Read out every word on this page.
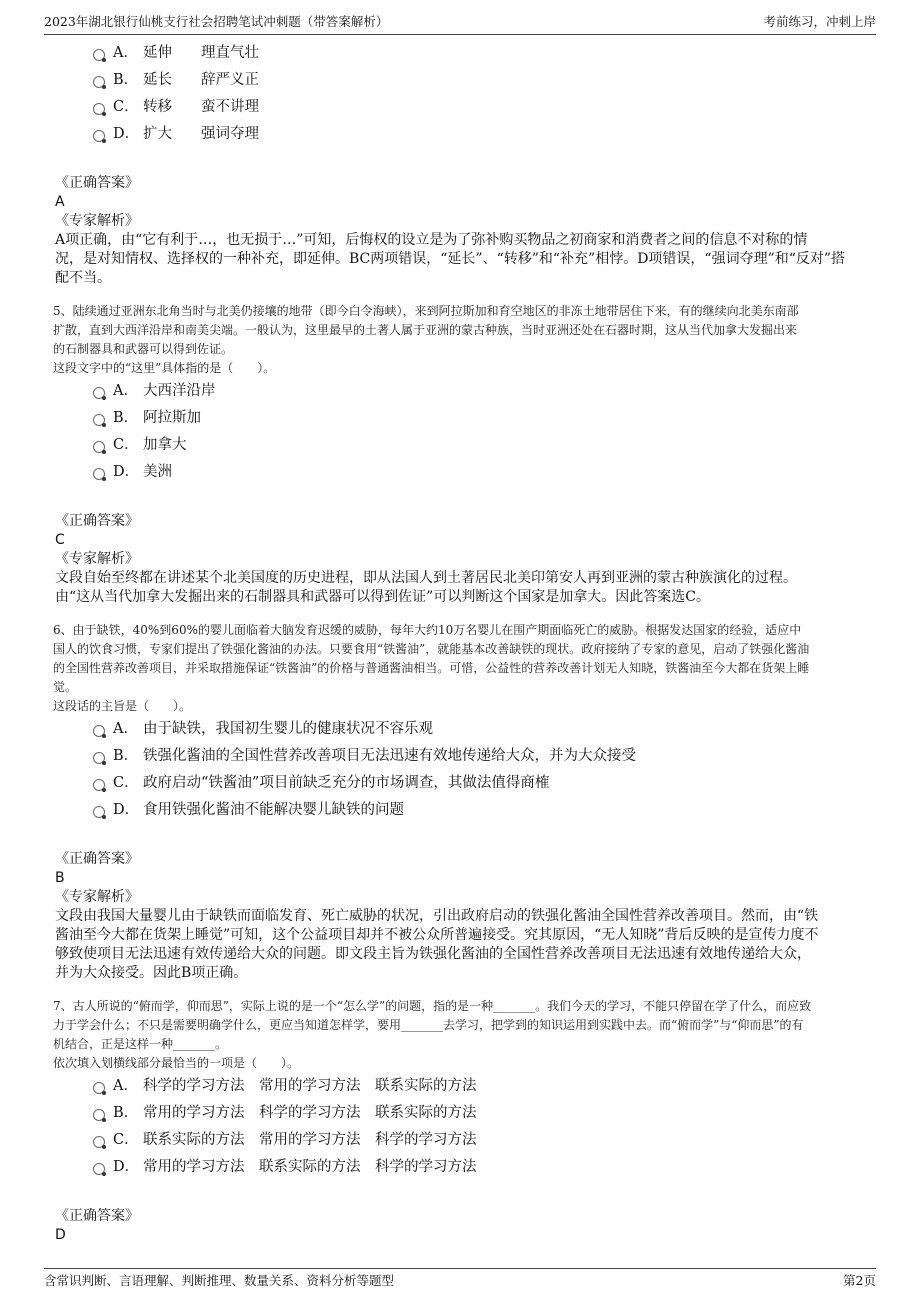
2023年湖北银行仙桃支行社会招聘笔试冲刺题（带答案解析）	考前练习，冲刺上岸
A． 延伸 理直气壮
B． 延长 辞严义正
C． 转移 蛮不讲理
D． 扩大 强词夺理
《正确答案》
A
《专家解析》
A项正确，由“它有利于…，也无损于…”可知，后悔权的设立是为了弥补购买物品之初商家和消费者之间的信息不对称的情
况，是对知情权、选择权的一种补充，即延伸。BC两项错误，“延长”、“转移”和“补充”相悖。D项错误，“强词夺理”和“反对”搭
配不当。
5、陆续通过亚洲东北角当时与北美仍接壤的地带（即今白令海峡），来到阿拉斯加和育空地区的非冻土地带居住下来，有的继续向北美东南部
扩散，直到大西洋沿岸和南美尖端。一般认为，这里最早的土著人属于亚洲的蒙古种族，当时亚洲还处在石器时期，这从当代加拿大发掘出来
的石制器具和武器可以得到佐证。
这段文字中的“这里”具体指的是（　　）。
A． 大西洋沿岸
B． 阿拉斯加
C． 加拿大
D． 美洲
《正确答案》
C
《专家解析》
文段自始至终都在讲述某个北美国度的历史进程，即从法国人到土著居民北美印第安人再到亚洲的蒙古种族演化的过程。
由“这从当代加拿大发掘出来的石制器具和武器可以得到佐证”可以判断这个国家是加拿大。因此答案选C。
6、由于缺铁，40%到60%的婴儿面临着大脑发育迟缓的威胁，每年大约10万名婴儿在围产期面临死亡的威胁。根据发达国家的经验，适应中
国人的饮食习惯，专家们提出了铁强化酱油的办法。只要食用“铁酱油”，就能基本改善缺铁的现状。政府接纳了专家的意见，启动了铁强化酱油
的全国性营养改善项目，并采取措施保证“铁酱油”的价格与普通酱油相当。可惜，公益性的营养改善计划无人知晓，铁酱油至今大都在货架上睡
觉。
这段话的主旨是（　　）。
A． 由于缺铁，我国初生婴儿的健康状况不容乐观
B． 铁强化酱油的全国性营养改善项目无法迅速有效地传递给大众，并为大众接受
C． 政府启动“铁酱油”项目前缺乏充分的市场调查，其做法值得商榷
D． 食用铁强化酱油不能解决婴儿缺铁的问题
《正确答案》
B
《专家解析》
文段由我国大量婴儿由于缺铁而面临发育、死亡威胁的状况，引出政府启动的铁强化酱油全国性营养改善项目。然而，由“铁
酱油至今大都在货架上睡觉”可知，这个公益项目却并不被公众所普遍接受。究其原因，“无人知晓”背后反映的是宣传力度不
够致使项目无法迅速有效传递给大众的问题。即文段主旨为铁强化酱油的全国性营养改善项目无法迅速有效地传递给大众，
并为大众接受。因此B项正确。
7、古人所说的“俯而学，仰而思”，实际上说的是一个“怎么学”的问题，指的是一种_______。我们今天的学习，不能只停留在学了什么，而应致
力于学会什么；不只是需要明确学什么，更应当知道怎样学，要用_______去学习，把学到的知识运用到实践中去。而“俯而学”与“仰而思”的有
机结合，正是这样一种_______。
依次填入划横线部分最恰当的一项是（　　）。
A． 科学的学习方法　常用的学习方法　联系实际的方法
B． 常用的学习方法　科学的学习方法　联系实际的方法
C． 联系实际的方法　常用的学习方法　科学的学习方法
D． 常用的学习方法　联系实际的方法　科学的学习方法
《正确答案》
D
含常识判断、言语理解、判断推理、数量关系、资料分析等题型	第2页
